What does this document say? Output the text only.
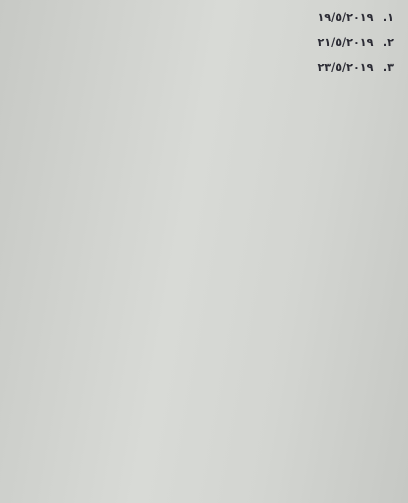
١. ١٩/٥/٢٠١٩

٢. ٢١/٥/٢٠١٩

٣. ٢٣/٥/٢٠١٩
